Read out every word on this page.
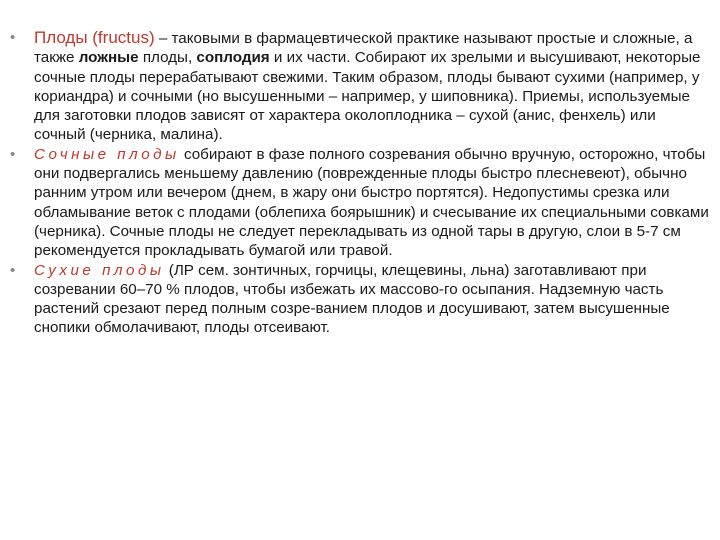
• Плоды (fructus) – таковыми в фармацевтической практике называют простые и сложные, а также ложные плоды, соплодия и их части. Собирают их зрелыми и высушивают, некоторые сочные плоды перерабатывают свежими. Таким образом, плоды бывают сухими (например, у кориандра) и сочными (но высушенными – например, у шиповника). Приемы, используемые для заготовки плодов зависят от характера околоплодника – сухой (анис, фенхель) или сочный (черника, малина).
• Сочные плоды собирают в фазе полного созревания обычно вручную, осторожно, чтобы они подвергались меньшему давлению (поврежденные плоды быстро плесневеют), обычно ранним утром или вечером (днем, в жару они быстро портятся). Недопустимы срезка или обламывание веток с плодами (облепиха боярышник) и счесывание их специальными совками (черника). Сочные плоды не следует перекладывать из одной тары в другую, слои в 5-7 см рекомендуется прокладывать бумагой или травой.
• Сухие плоды (ЛР сем. зонтичных, горчицы, клещевины, льна) заготавливают при созревании 60–70 % плодов, чтобы избежать их массово-го осыпания. Надземную часть растений срезают перед полным созре-ванием плодов и досушивают, затем высушенные снопики обмолачивают, плоды отсеивают.
